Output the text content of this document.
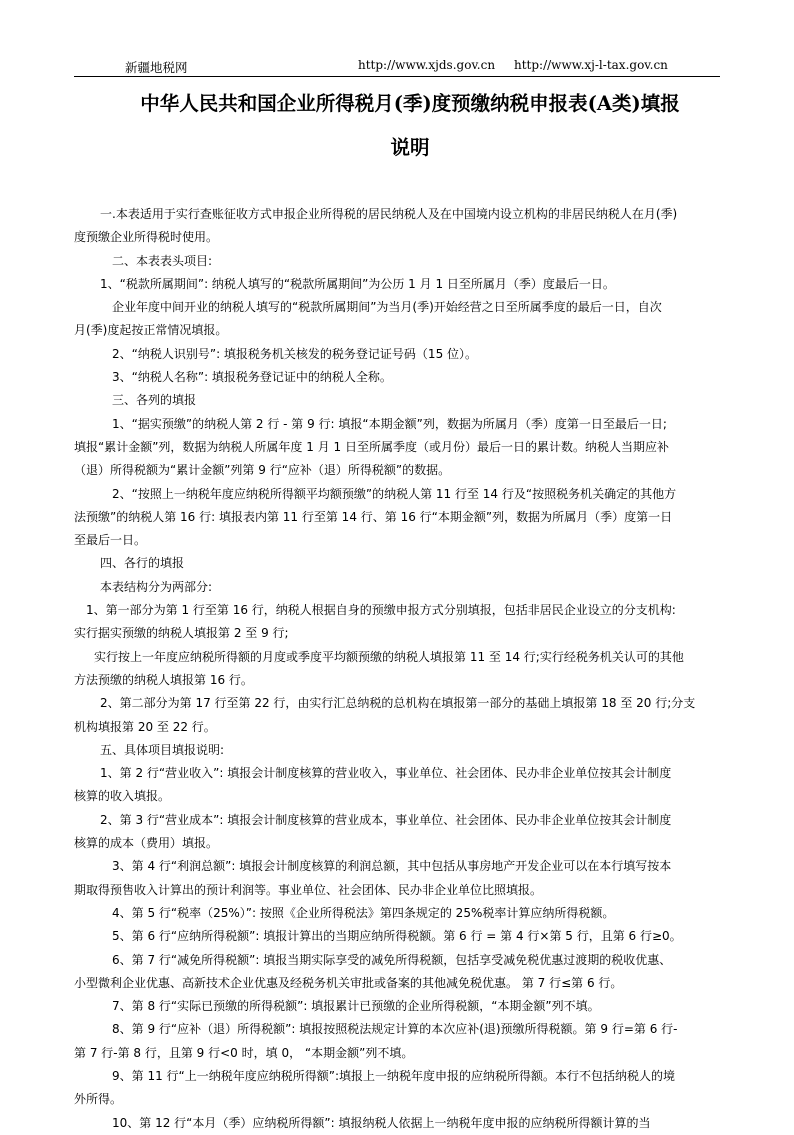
新疆地税网	http://www.xjds.gov.cn http://www.xj-l-tax.gov.cn
中华人民共和国企业所得税月(季)度预缴纳税申报表(A类)填报
说明

一.本表适用于实行查账征收方式申报企业所得税的居民纳税人及在中国境内设立机构的非居民纳税人在月(季)

度预缴企业所得税时使用。

二、本表表头项目:

1、“税款所属期间”: 纳税人填写的“税款所属期间”为公历 1 月 1 日至所属月（季）度最后一日。

企业年度中间开业的纳税人填写的“税款所属期间”为当月(季)开始经营之日至所属季度的最后一日，自次

月(季)度起按正常情况填报。

2、“纳税人识别号”: 填报税务机关核发的税务登记证号码（15 位）。

3、“纳税人名称”: 填报税务登记证中的纳税人全称。

三、各列的填报

1、“据实预缴”的纳税人第 2 行 - 第 9 行: 填报“本期金额”列，数据为所属月（季）度第一日至最后一日;

填报“累计金额”列，数据为纳税人所属年度 1 月 1 日至所属季度（或月份）最后一日的累计数。纳税人当期应补

（退）所得税额为“累计金额”列第 9 行“应补（退）所得税额”的数据。

2、“按照上一纳税年度应纳税所得额平均额预缴”的纳税人第 11 行至 14 行及“按照税务机关确定的其他方

法预缴”的纳税人第 16 行: 填报表内第 11 行至第 14 行、第 16 行“本期金额”列，数据为所属月（季）度第一日

至最后一日。

四、各行的填报

本表结构分为两部分:

1、第一部分为第 1 行至第 16 行，纳税人根据自身的预缴申报方式分别填报，包括非居民企业设立的分支机构:

实行据实预缴的纳税人填报第 2 至 9 行;

实行按上一年度应纳税所得额的月度或季度平均额预缴的纳税人填报第 11 至 14 行;实行经税务机关认可的其他

方法预缴的纳税人填报第 16 行。

2、第二部分为第 17 行至第 22 行，由实行汇总纳税的总机构在填报第一部分的基础上填报第 18 至 20 行;分支

机构填报第 20 至 22 行。

五、具体项目填报说明:

1、第 2 行“营业收入”: 填报会计制度核算的营业收入，事业单位、社会团体、民办非企业单位按其会计制度

核算的收入填报。

2、第 3 行“营业成本”: 填报会计制度核算的营业成本，事业单位、社会团体、民办非企业单位按其会计制度

核算的成本（费用）填报。

3、第 4 行“利润总额”: 填报会计制度核算的利润总额，其中包括从事房地产开发企业可以在本行填写按本

期取得预售收入计算出的预计利润等。事业单位、社会团体、民办非企业单位比照填报。

4、第 5 行“税率（25%）”: 按照《企业所得税法》第四条规定的 25%税率计算应纳所得税额。

5、第 6 行“应纳所得税额”: 填报计算出的当期应纳所得税额。第 6 行 = 第 4 行×第 5 行，且第 6 行≥0。

6、第 7 行“减免所得税额”: 填报当期实际享受的减免所得税额，包括享受减免税优惠过渡期的税收优惠、

小型微利企业优惠、高新技术企业优惠及经税务机关审批或备案的其他减免税优惠。 第 7 行≤第 6 行。

7、第 8 行“实际已预缴的所得税额”: 填报累计已预缴的企业所得税额，“本期金额”列不填。

8、第 9 行“应补（退）所得税额”: 填报按照税法规定计算的本次应补(退)预缴所得税额。第 9 行=第 6 行-

第 7 行-第 8 行，且第 9 行<0 时，填 0， “本期金额”列不填。

9、第 11 行“上一纳税年度应纳税所得额”:填报上一纳税年度申报的应纳税所得额。本行不包括纳税人的境

外所得。

10、第 12 行“本月（季）应纳税所得额”: 填报纳税人依据上一纳税年度申报的应纳税所得额计算的当
